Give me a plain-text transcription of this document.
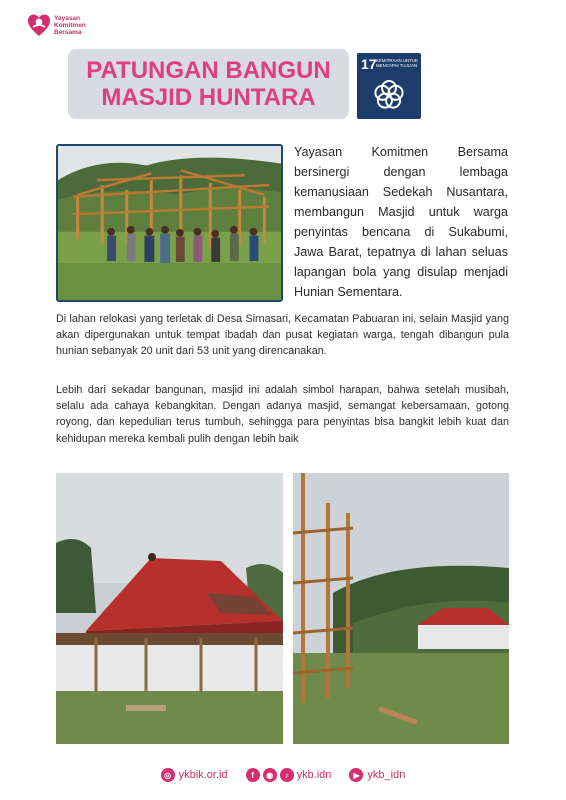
Yayasan
Komitmen
Bersama
PATUNGAN BANGUN
MASJID HUNTARA
17 KEMITRAAN UNTUK MENCAPAI TUJUAN
Yayasan Komitmen Bersama bersinergi dengan lembaga kemanusiaan Sedekah Nusantara, membangun Masjid untuk warga penyintas bencana di Sukabumi, Jawa Barat, tepatnya di lahan seluas lapangan bola yang disulap menjadi Hunian Sementara.
Di lahan relokasi yang terletak di Desa Sirnasari, Kecamatan Pabuaran ini, selain Masjid yang akan dipergunakan untuk tempat ibadah dan pusat kegiatan warga, tengah dibangun pula hunian sebanyak 20 unit dari 53 unit yang direncanakan.
Lebih dari sekadar bangunan, masjid ini adalah simbol harapan, bahwa setelah musibah, selalu ada cahaya kebangkitan. Dengan adanya masjid, semangat kebersamaan, gotong royong, dan kepedulian terus tumbuh, sehingga para penyintas bisa bangkit lebih kuat dan kehidupan mereka kembali pulih dengan lebih baik
◎ ykbik.or.id	f	◉	♪ ykb.idn	▶ ykb_idn
